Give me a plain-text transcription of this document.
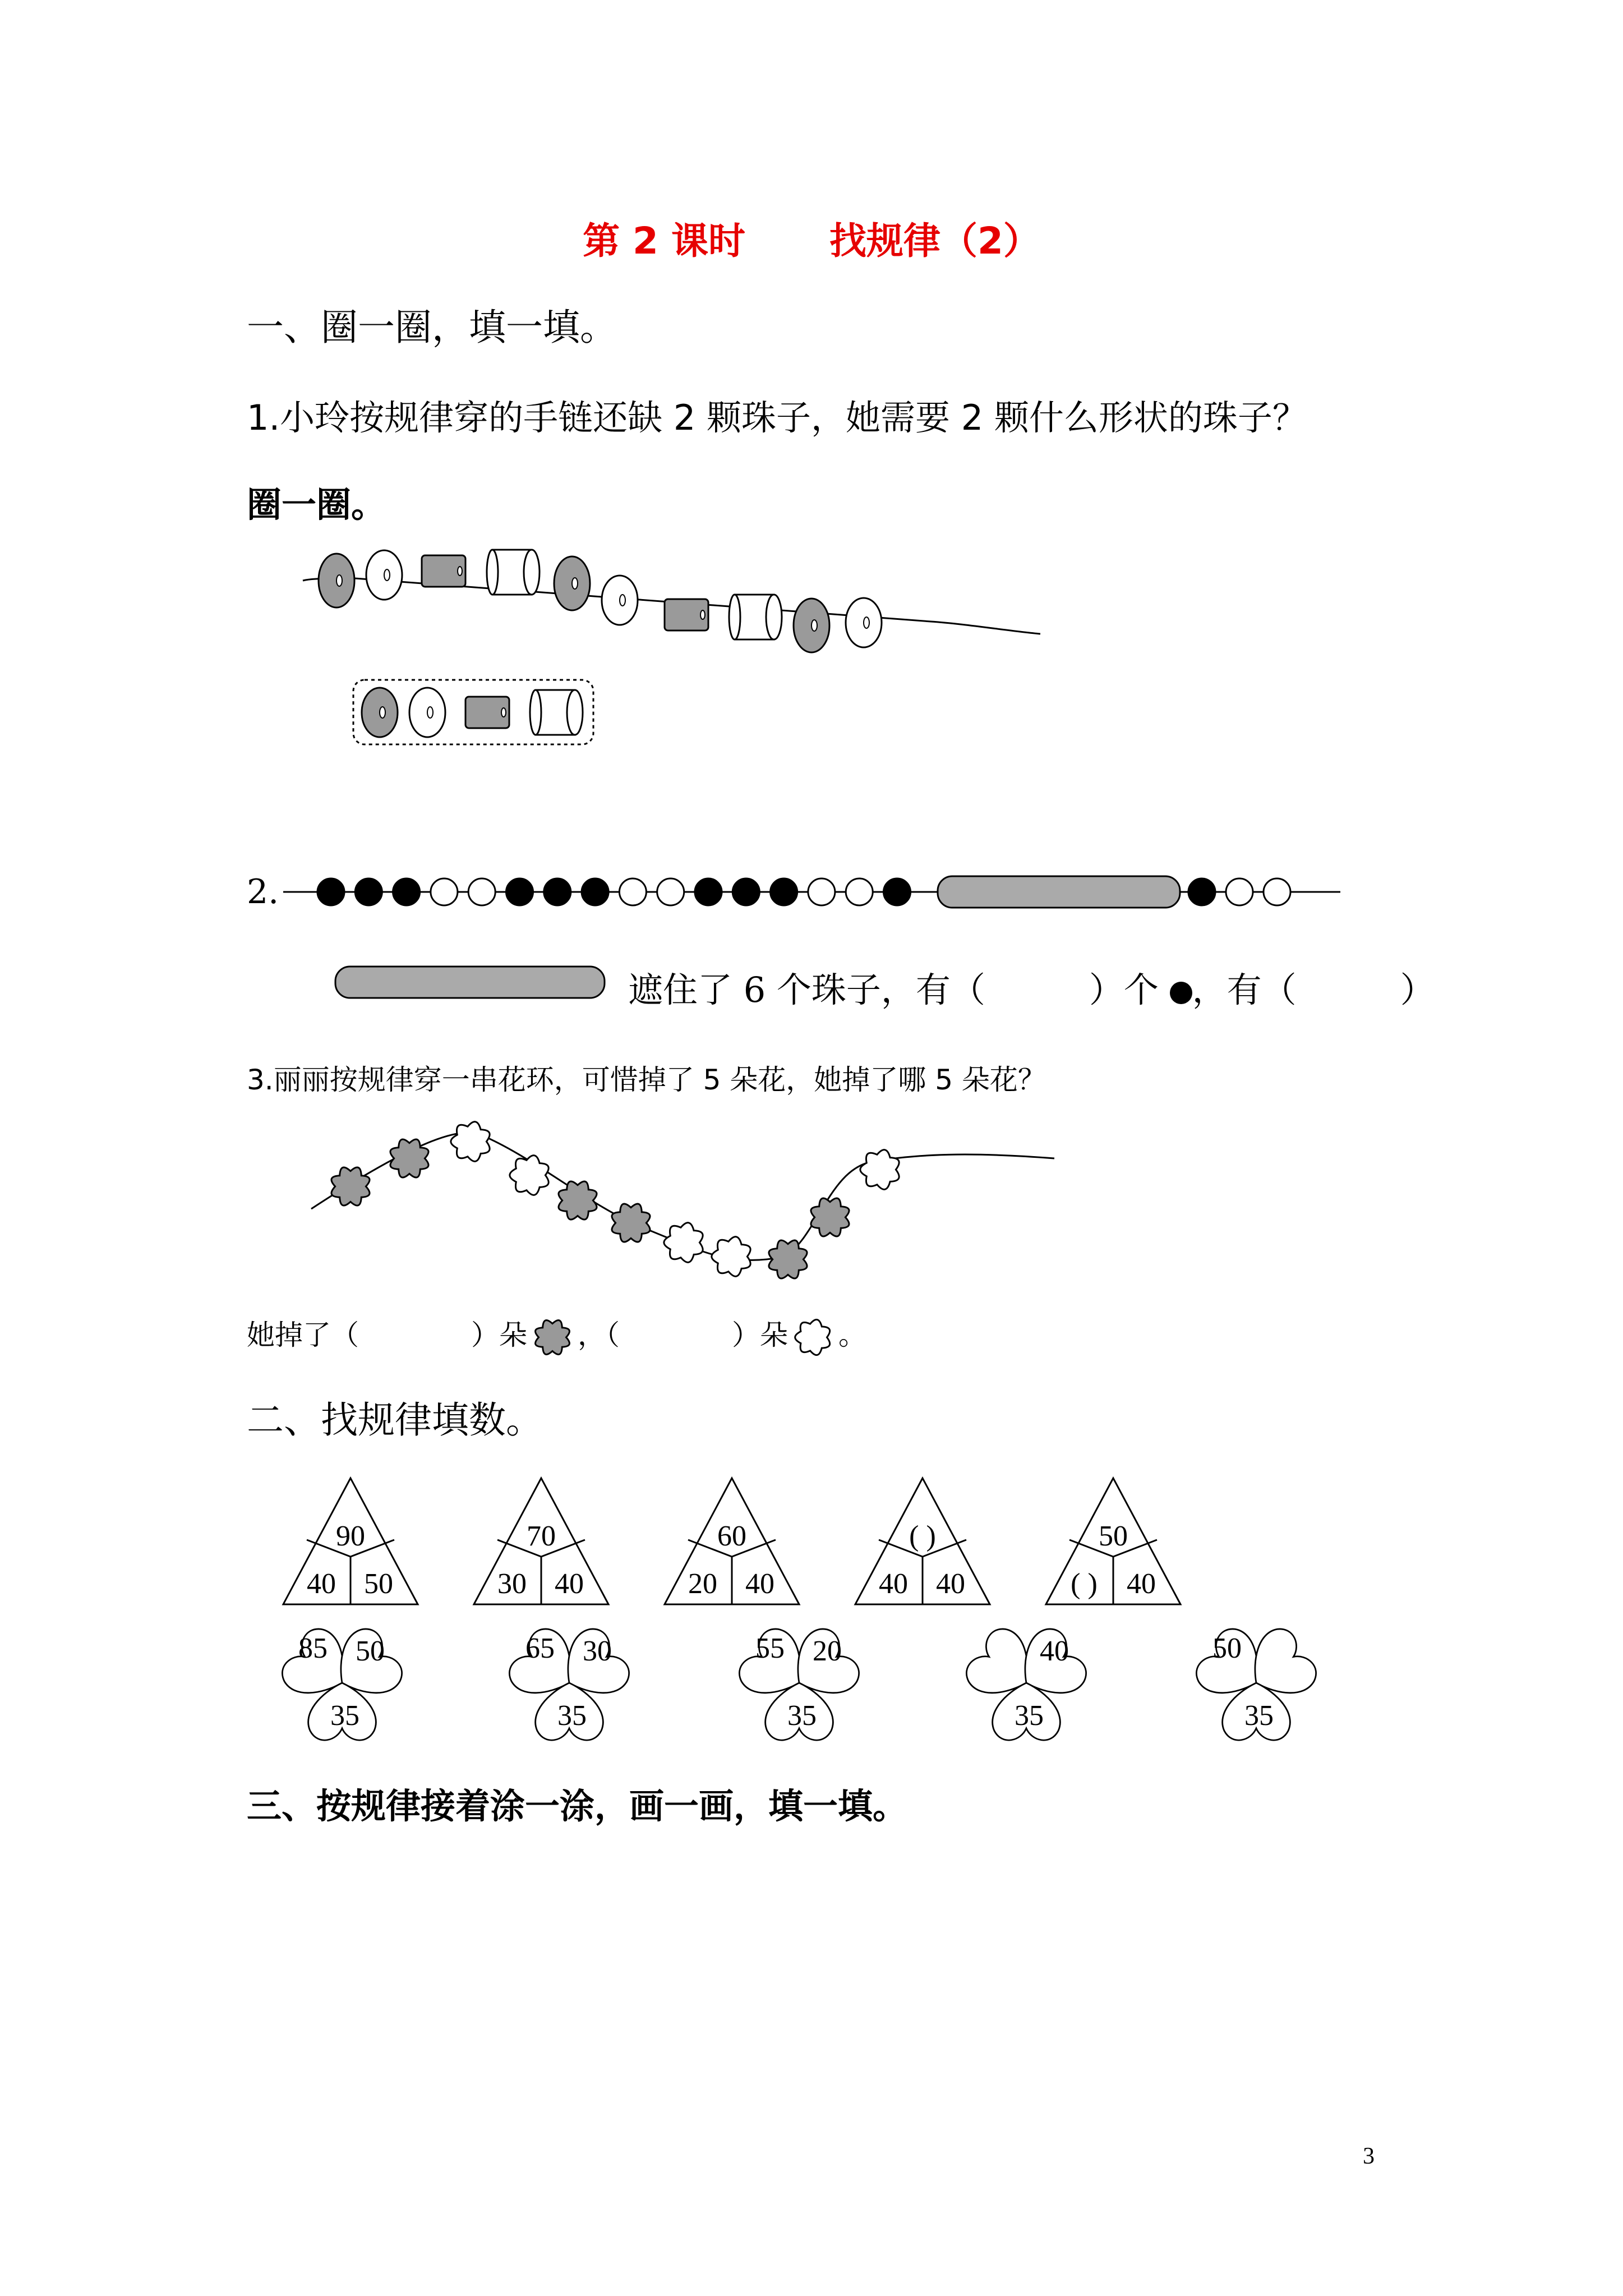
第 2 课时 找规律（2）
一、圈一圈，填一填。
1.小玲按规律穿的手链还缺 2 颗珠子，她需要 2 颗什么形状的珠子？
圈一圈。
2.
遮住了 6 个珠子，有（	）个 ，有（	）
3.丽丽按规律穿一串花环，可惜掉了 5 朵花，她掉了哪 5 朵花？
她掉了（	）朵 ，（	）朵 。
二、找规律填数。
90
40 50
70
30 40
60
20 40
( )
40 40
50
( ) 40
85 50
35
65 30
35
55 20
35
40
35
50
35
三、按规律接着涂一涂，画一画，填一填。
3
